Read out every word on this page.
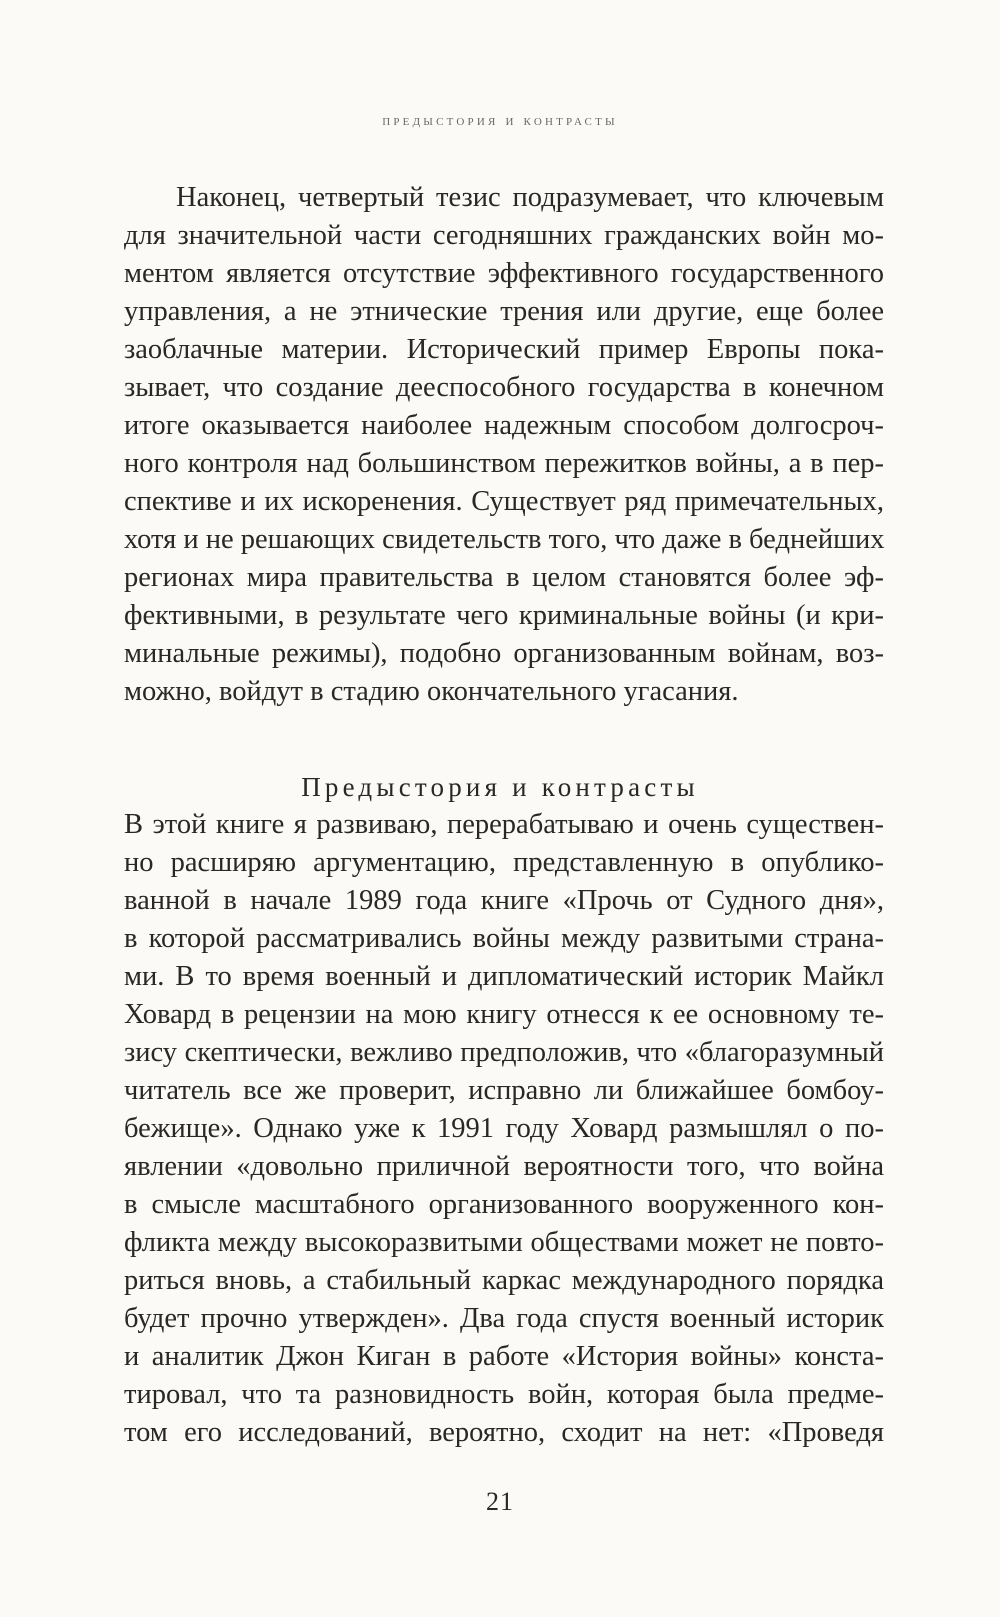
предыстория и контрасты
Наконец, четвертый тезис подразумевает, что ключевым
для значительной части сегодняшних гражданских войн мо-
ментом является отсутствие эффективного государственного
управления, а не этнические трения или другие, еще более
заоблачные материи. Исторический пример Европы пока-
зывает, что создание дееспособного государства в конечном
итоге оказывается наиболее надежным способом долгосроч-
ного контроля над большинством пережитков войны, а в пер-
спективе и их искоренения. Существует ряд примечательных,
хотя и не решающих свидетельств того, что даже в беднейших
регионах мира правительства в целом становятся более эф-
фективными, в результате чего криминальные войны (и кри-
минальные режимы), подобно организованным войнам, воз-
можно, войдут в стадию окончательного угасания.
Предыстория и контрасты
В этой книге я развиваю, перерабатываю и очень существен-
но расширяю аргументацию, представленную в опублико-
ванной в начале 1989 года книге «Прочь от Судного дня»,
в которой рассматривались войны между развитыми страна-
ми. В то время военный и дипломатический историк Майкл
Ховард в рецензии на мою книгу отнесся к ее основному те-
зису скептически, вежливо предположив, что «благоразумный
читатель все же проверит, исправно ли ближайшее бомбоу-
бежище». Однако уже к 1991 году Ховард размышлял о по-
явлении «довольно приличной вероятности того, что война
в смысле масштабного организованного вооруженного кон-
фликта между высокоразвитыми обществами может не повто-
риться вновь, а стабильный каркас международного порядка
будет прочно утвержден». Два года спустя военный историк
и аналитик Джон Киган в работе «История войны» конста-
тировал, что та разновидность войн, которая была предме-
том его исследований, вероятно, сходит на нет: «Проведя
21
